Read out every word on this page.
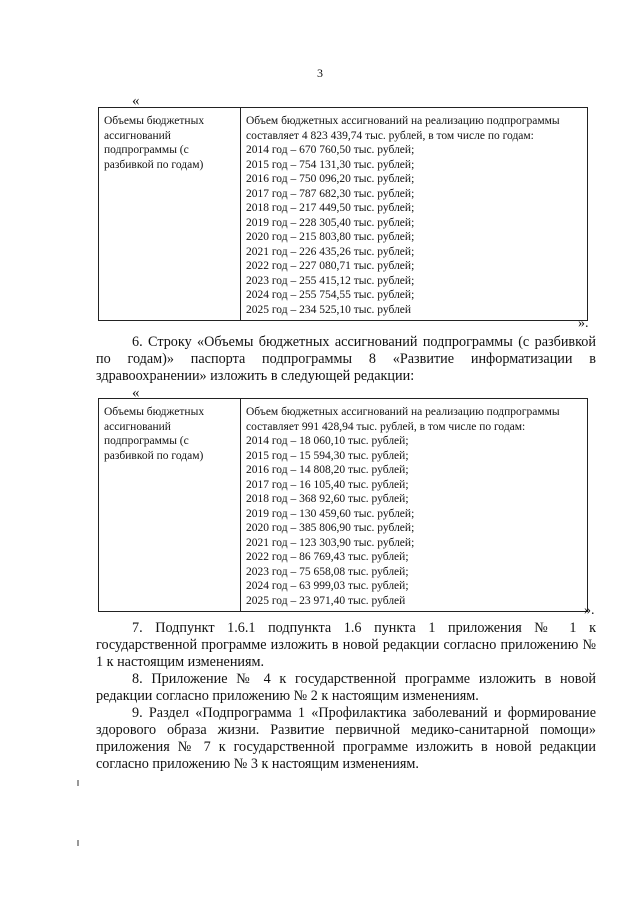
3
«
Объемы бюджетных ассигнований подпрограммы (с разбивкой по годам)
Объем бюджетных ассигнований на реализацию подпрограммы
составляет 4 823 439,74 тыс. рублей, в том числе по годам:
2014 год – 670 760,50 тыс. рублей;
2015 год – 754 131,30 тыс. рублей;
2016 год – 750 096,20 тыс. рублей;
2017 год – 787 682,30 тыс. рублей;
2018 год – 217 449,50 тыс. рублей;
2019 год – 228 305,40 тыс. рублей;
2020 год – 215 803,80 тыс. рублей;
2021 год – 226 435,26 тыс. рублей;
2022 год – 227 080,71 тыс. рублей;
2023 год – 255 415,12 тыс. рублей;
2024 год – 255 754,55 тыс. рублей;
2025 год – 234 525,10 тыс. рублей
».

6. Строку «Объемы бюджетных ассигнований подпрограммы (с разбивкой по годам)» паспорта подпрограммы 8 «Развитие информатизации в здравоохранении» изложить в следующей редакции:

«
Объемы бюджетных ассигнований подпрограммы (с разбивкой по годам)
Объем бюджетных ассигнований на реализацию подпрограммы
составляет 991 428,94 тыс. рублей, в том числе по годам:
2014 год – 18 060,10 тыс. рублей;
2015 год – 15 594,30 тыс. рублей;
2016 год – 14 808,20 тыс. рублей;
2017 год – 16 105,40 тыс. рублей;
2018 год – 368 92,60 тыс. рублей;
2019 год – 130 459,60 тыс. рублей;
2020 год – 385 806,90 тыс. рублей;
2021 год – 123 303,90 тыс. рублей;
2022 год – 86 769,43 тыс. рублей;
2023 год – 75 658,08 тыс. рублей;
2024 год – 63 999,03 тыс. рублей;
2025 год – 23 971,40 тыс. рублей
».

7. Подпункт 1.6.1 подпункта 1.6 пункта 1 приложения № 1 к государственной программе изложить в новой редакции согласно приложению № 1 к настоящим изменениям.

8. Приложение № 4 к государственной программе изложить в новой редакции согласно приложению № 2 к настоящим изменениям.

9. Раздел «Подпрограмма 1 «Профилактика заболеваний и формирование здорового образа жизни. Развитие первичной медико-санитарной помощи» приложения № 7 к государственной программе изложить в новой редакции согласно приложению № 3 к настоящим изменениям.
